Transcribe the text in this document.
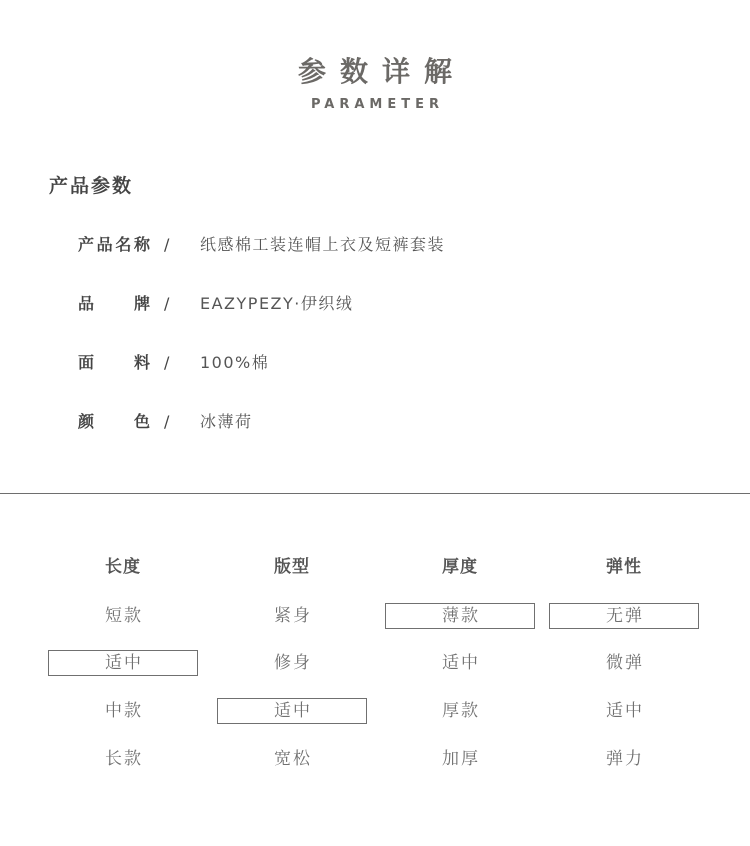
参数详解
PARAMETER
产品参数
产品名称 / 纸感棉工装连帽上衣及短裤套装
品牌 / EAZYPEZY·伊织绒
面料 / 100%棉
颜色 / 冰薄荷
长度
短款
适中
中款
长款
版型
紧身
修身
适中
宽松
厚度
薄款
适中
厚款
加厚
弹性
无弹
微弹
适中
弹力
